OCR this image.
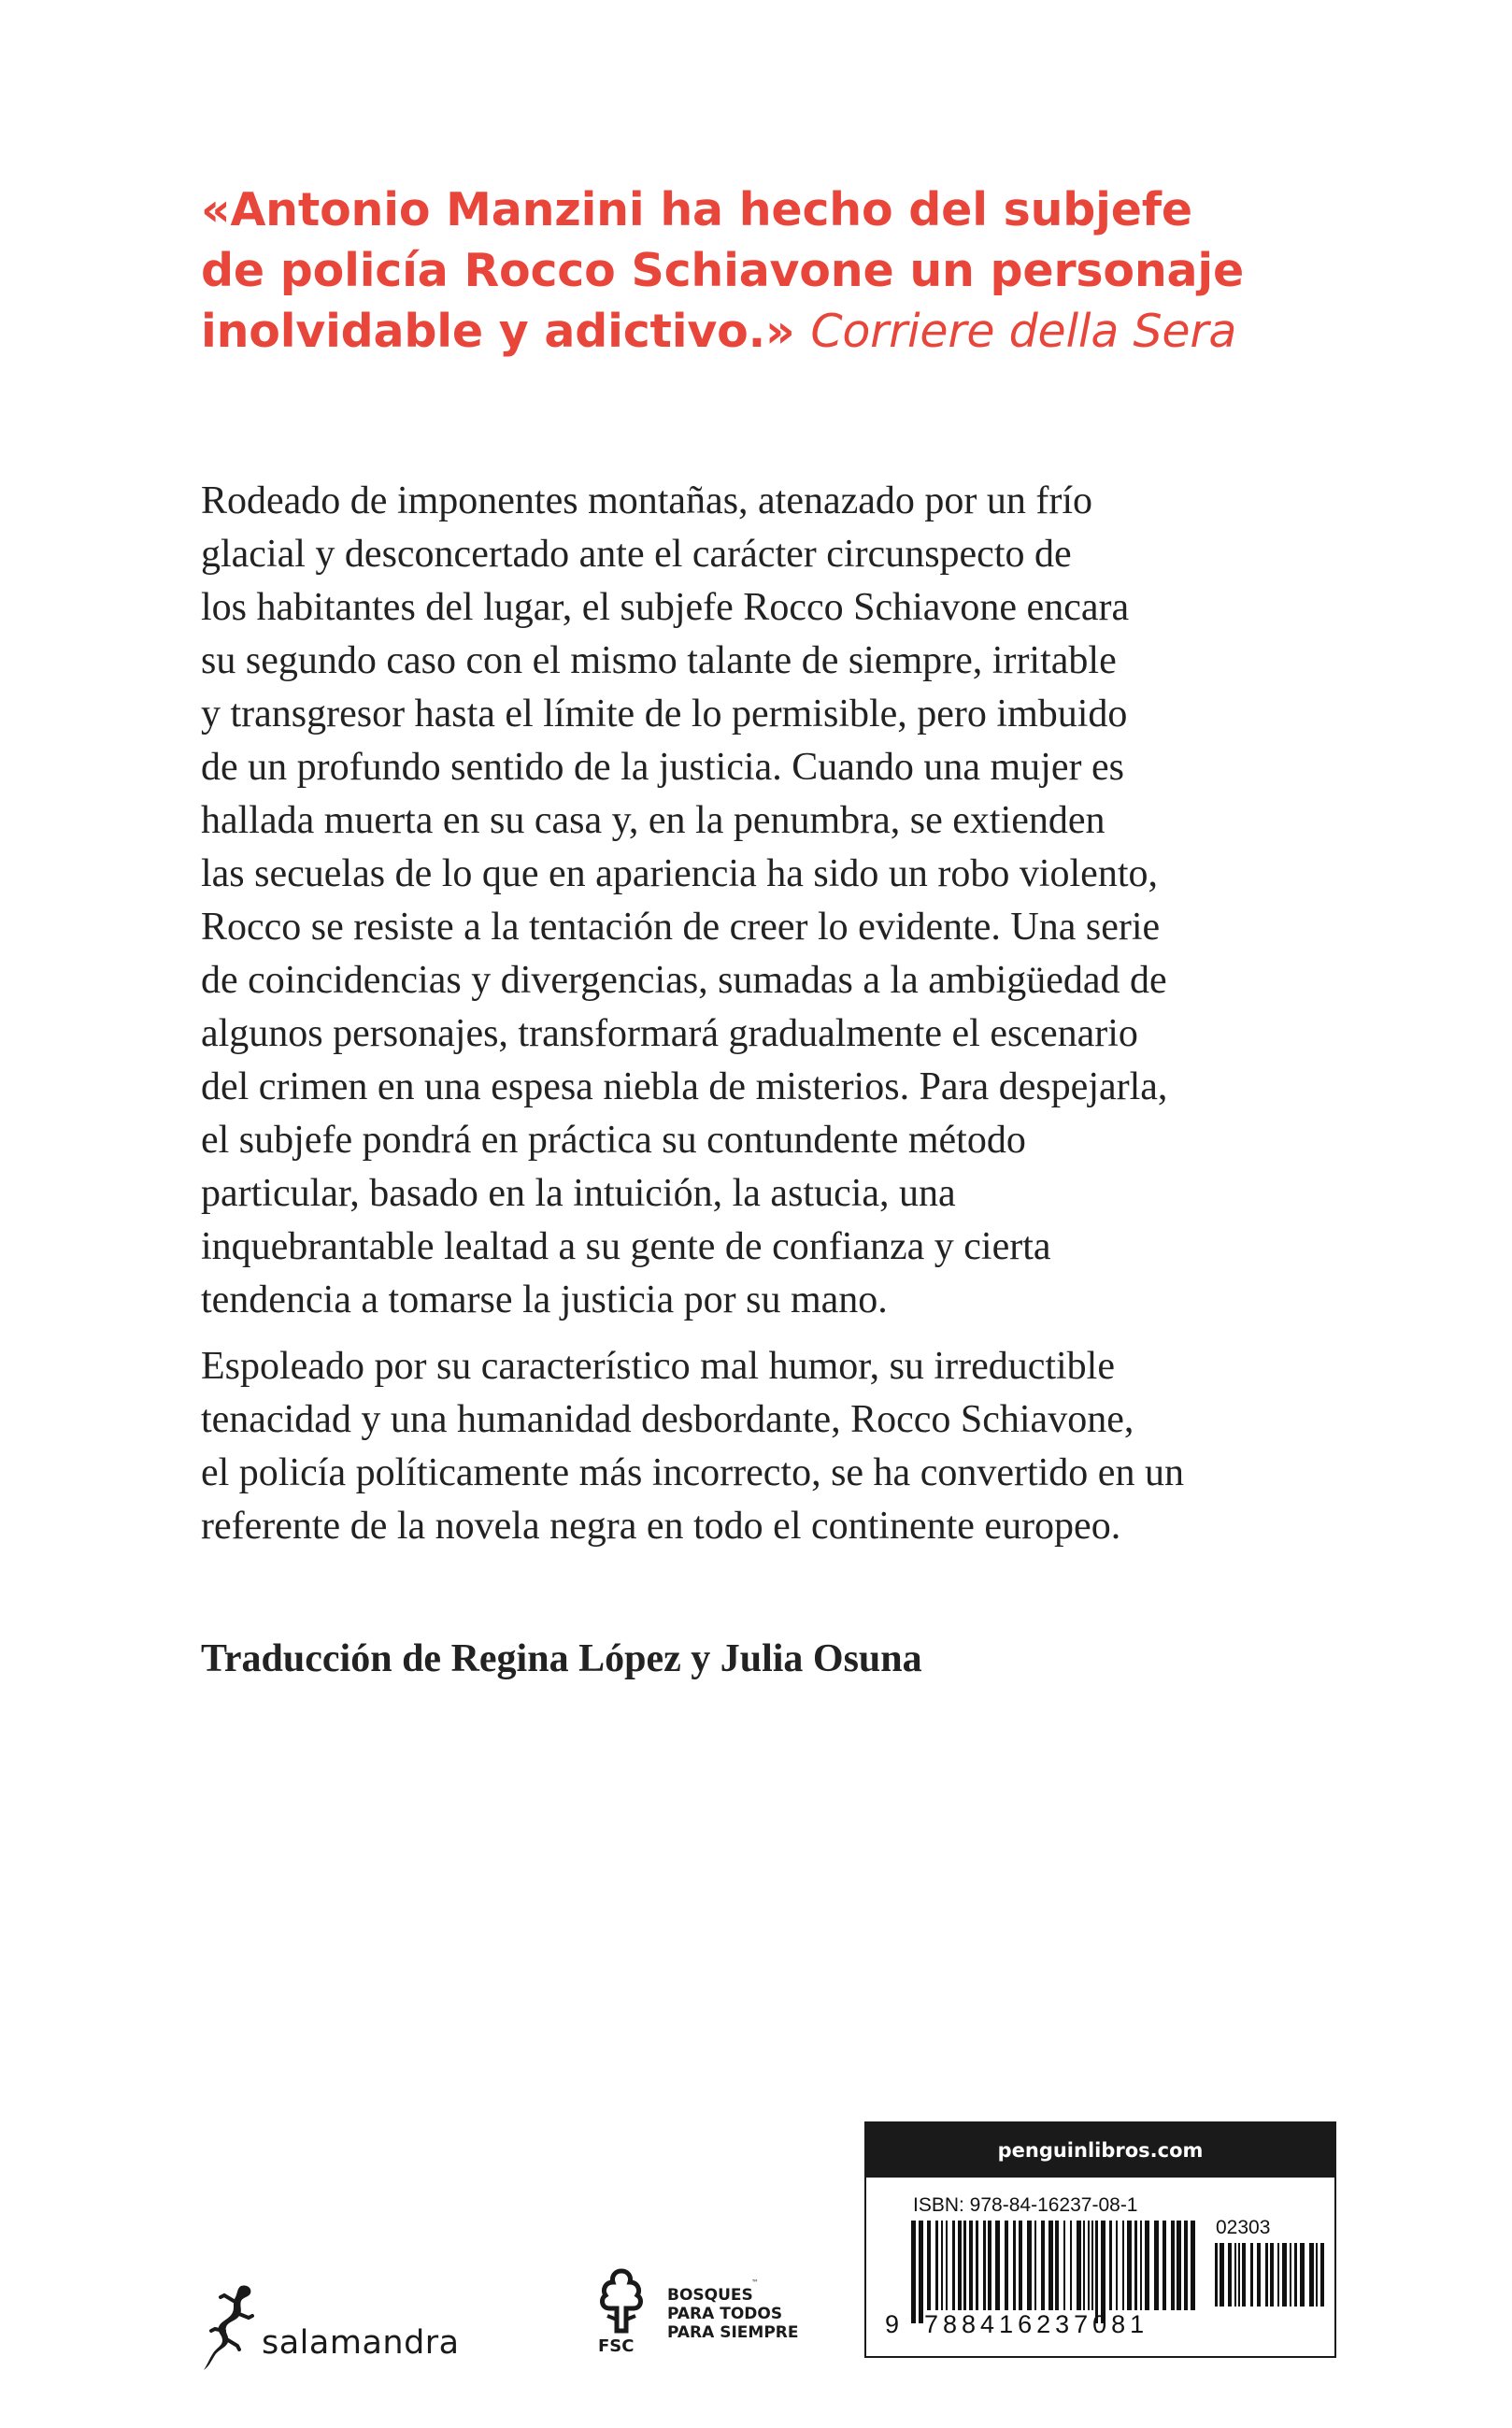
«Antonio Manzini ha hecho del subjefe
de policía Rocco Schiavone un personaje
inolvidable y adictivo.» Corriere della Sera

Rodeado de imponentes montañas, atenazado por un frío
glacial y desconcertado ante el carácter circunspecto de
los habitantes del lugar, el subjefe Rocco Schiavone encara
su segundo caso con el mismo talante de siempre, irritable
y transgresor hasta el límite de lo permisible, pero imbuido
de un profundo sentido de la justicia. Cuando una mujer es
hallada muerta en su casa y, en la penumbra, se extienden
las secuelas de lo que en apariencia ha sido un robo violento,
Rocco se resiste a la tentación de creer lo evidente. Una serie
de coincidencias y divergencias, sumadas a la ambigüedad de
algunos personajes, transformará gradualmente el escenario
del crimen en una espesa niebla de misterios. Para despejarla,
el subjefe pondrá en práctica su contundente método
particular, basado en la intuición, la astucia, una
inquebrantable lealtad a su gente de confianza y cierta
tendencia a tomarse la justicia por su mano.

Espoleado por su característico mal humor, su irreductible
tenacidad y una humanidad desbordante, Rocco Schiavone,
el policía políticamente más incorrecto, se ha convertido en un
referente de la novela negra en todo el continente europeo.

Traducción de Regina López y Julia Osuna
salamandra	FSC
™
BOSQUES
PARA TODOS
PARA SIEMPRE
penguinlibros.com
ISBN: 978-84-16237-08-1
02303
9 788416237081
